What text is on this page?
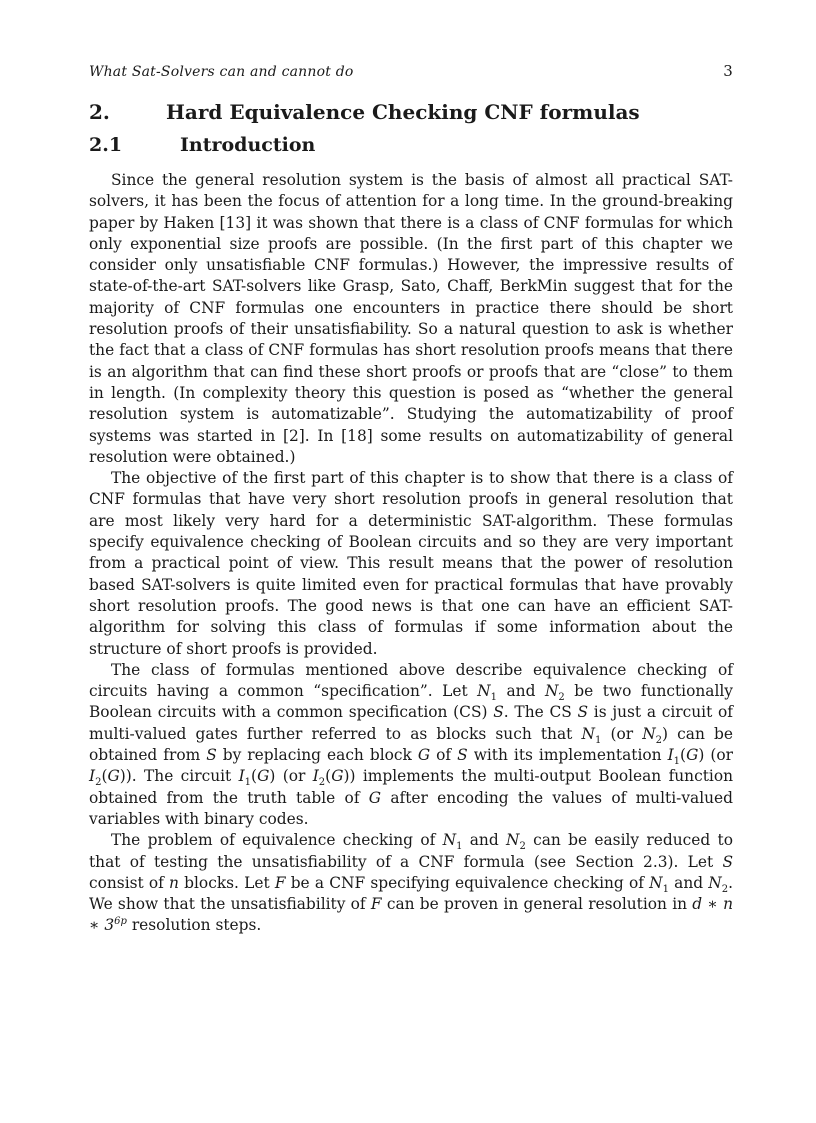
What Sat-Solvers can and cannot do	3
2.	Hard Equivalence Checking CNF formulas
2.1	Introduction

Since the general resolution system is the basis of almost all practical SAT-solvers, it has been the focus of attention for a long time. In the ground-breaking paper by Haken [13] it was shown that there is a class of CNF formulas for which only exponential size proofs are possible. (In the first part of this chapter we consider only unsatisfiable CNF formulas.) However, the impressive results of state-of-the-art SAT-solvers like Grasp, Sato, Chaff, BerkMin suggest that for the majority of CNF formulas one encounters in practice there should be short resolution proofs of their unsatisfiability. So a natural question to ask is whether the fact that a class of CNF formulas has short resolution proofs means that there is an algorithm that can find these short proofs or proofs that are “close” to them in length. (In complexity theory this question is posed as “whether the general resolution system is automatizable”. Studying the automatizability of proof systems was started in [2]. In [18] some results on automatizability of general resolution were obtained.)

The objective of the first part of this chapter is to show that there is a class of CNF formulas that have very short resolution proofs in general resolution that are most likely very hard for a deterministic SAT-algorithm. These formulas specify equivalence checking of Boolean circuits and so they are very important from a practical point of view. This result means that the power of resolution based SAT-solvers is quite limited even for practical formulas that have provably short resolution proofs. The good news is that one can have an efficient SAT-algorithm for solving this class of formulas if some information about the structure of short proofs is provided.

The class of formulas mentioned above describe equivalence checking of circuits having a common “specification”. Let $N_1$ and $N_2$ be two functionally Boolean circuits with a common specification (CS) S. The CS S is just a circuit of multi-valued gates further referred to as blocks such that $N_1$ (or $N_2$) can be obtained from S by replacing each block G of S with its implementation $I_1(G)$ (or $I_2(G)$). The circuit $I_1(G)$ (or $I_2(G)$) implements the multi-output Boolean function obtained from the truth table of G after encoding the values of multi-valued variables with binary codes.

The problem of equivalence checking of $N_1$ and $N_2$ can be easily reduced to that of testing the unsatisfiability of a CNF formula (see Section 2.3). Let S consist of n blocks. Let F be a CNF specifying equivalence checking of $N_1$ and $N_2$. We show that the unsatisfiability of F can be proven in general resolution in d ∗ n ∗ $3^{6p}$ resolution steps.
